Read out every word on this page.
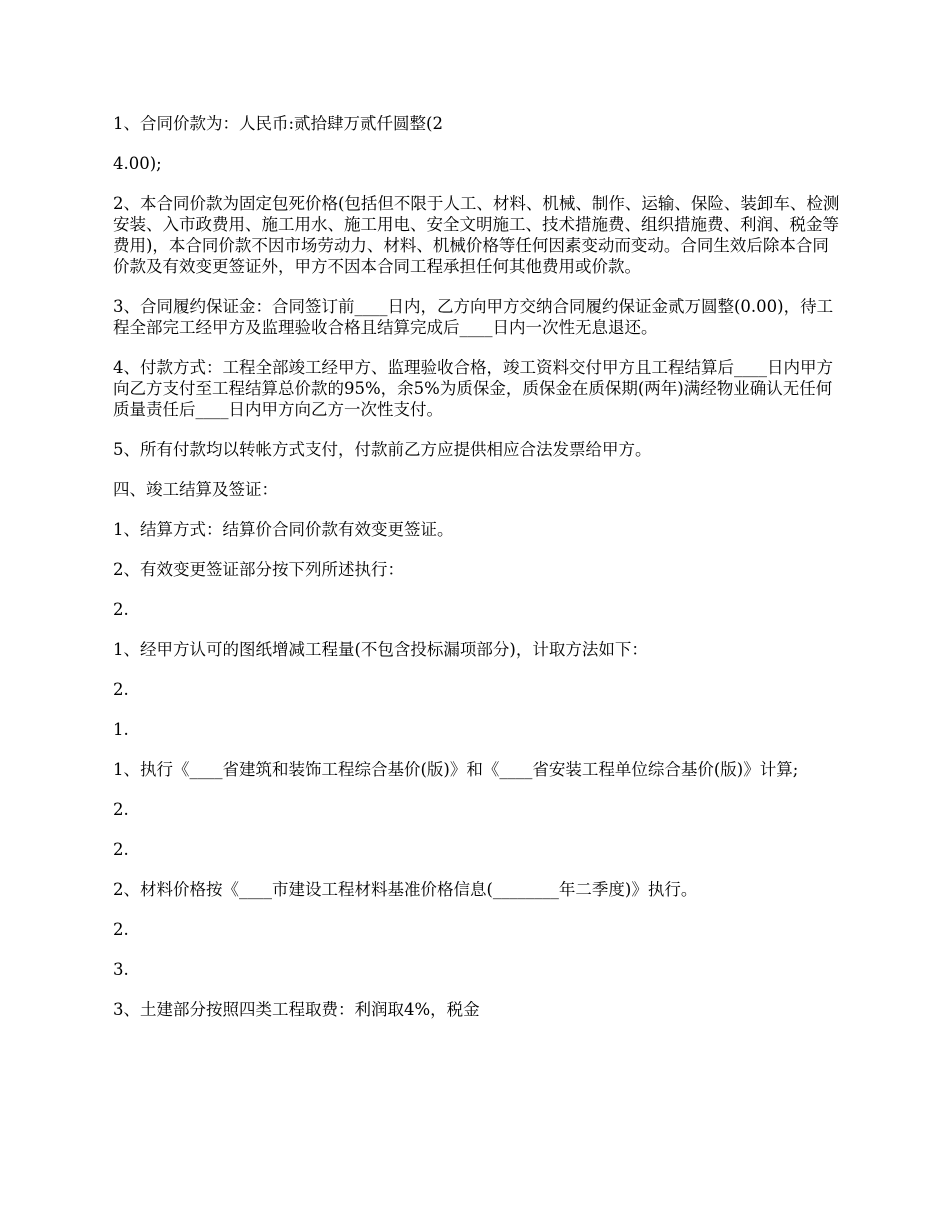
1、合同价款为：人民币:贰拾肆万贰仟圆整(2

4.00);

2、本合同价款为固定包死价格(包括但不限于人工、材料、机械、制作、运输、保险、装卸车、检测安装、入市政费用、施工用水、施工用电、安全文明施工、技术措施费、组织措施费、利润、税金等费用)，本合同价款不因市场劳动力、材料、机械价格等任何因素变动而变动。合同生效后除本合同价款及有效变更签证外，甲方不因本合同工程承担任何其他费用或价款。

3、合同履约保证金：合同签订前____日内，乙方向甲方交纳合同履约保证金贰万圆整(0.00)，待工程全部完工经甲方及监理验收合格且结算完成后____日内一次性无息退还。

4、付款方式：工程全部竣工经甲方、监理验收合格，竣工资料交付甲方且工程结算后____日内甲方向乙方支付至工程结算总价款的95%，余5%为质保金，质保金在质保期(两年)满经物业确认无任何质量责任后____日内甲方向乙方一次性支付。

5、所有付款均以转帐方式支付，付款前乙方应提供相应合法发票给甲方。

四、竣工结算及签证：

1、结算方式：结算价合同价款有效变更签证。

2、有效变更签证部分按下列所述执行：

2.

1、经甲方认可的图纸增减工程量(不包含投标漏项部分)，计取方法如下：

2.

1.

1、执行《____省建筑和装饰工程综合基价(版)》和《____省安装工程单位综合基价(版)》计算;

2.

2.

2、材料价格按《____市建设工程材料基准价格信息(________年二季度)》执行。

2.

3.

3、土建部分按照四类工程取费：利润取4%，税金
